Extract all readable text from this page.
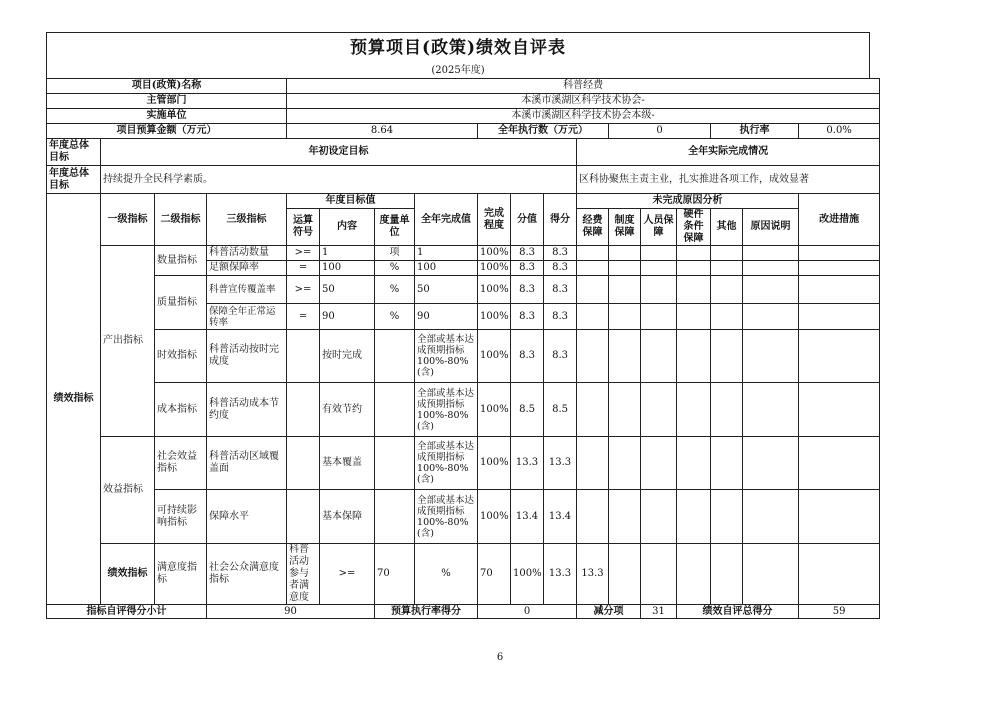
预算项目(政策)绩效自评表
(2025年度)
项目(政策)名称				科普经费														
主管部门				本溪市溪湖区科学技术协会-														
实施单位				本溪市溪湖区科学技术协会本级-														
项目预算金额（万元）				8.64				全年执行数（万元）				0			执行率		0.0%	
年度总体目标	年初设定目标										全年实际完成情况							
年度总体目标	持续提升全民科学素质。										区科协聚焦主责主业，扎实推进各项工作，成效显著							
绩效指标	一级指标	二级指标	三级指标	年度目标值			全年完成值	完成程度	分值	得分	未完成原因分析						改进措施	
				运算符号	内容	度量单位					经费保障	制度保障	人员保障	硬件条件保障	其他	原因说明		

	产出指标	数量指标	科普活动数量	>=	1	项	1	100%	8.3	8.3								
			足额保障率	=	100	%	100	100%	8.3	8.3								
		质量指标	科普宣传覆盖率	>=	50	%	50	100%	8.3	8.3								
			保障全年正常运转率	=	90	%	90	100%	8.3	8.3								
		时效指标	科普活动按时完成度		按时完成		全部或基本达成预期指标100%-80%(含)	100%	8.3	8.3								
		成本指标	科普活动成本节约度		有效节约		全部或基本达成预期指标100%-80%(含)	100%	8.5	8.5								
	效益指标	社会效益指标	科普活动区域覆盖面		基本覆盖		全部或基本达成预期指标100%-80%(含)	100%	13.3	13.3								
		可持续影响指标	保障水平		基本保障		全部或基本达成预期指标100%-80%(含)	100%	13.4	13.4								
	绩效指标	满意度指标	社会公众满意度指标	科普活动参与者满意度	>=	70	%	70	100%	13.3	13.3							
指标自评得分小计			90			预算执行率得分		0			减分项		31	绩效自评总得分			59	
6
